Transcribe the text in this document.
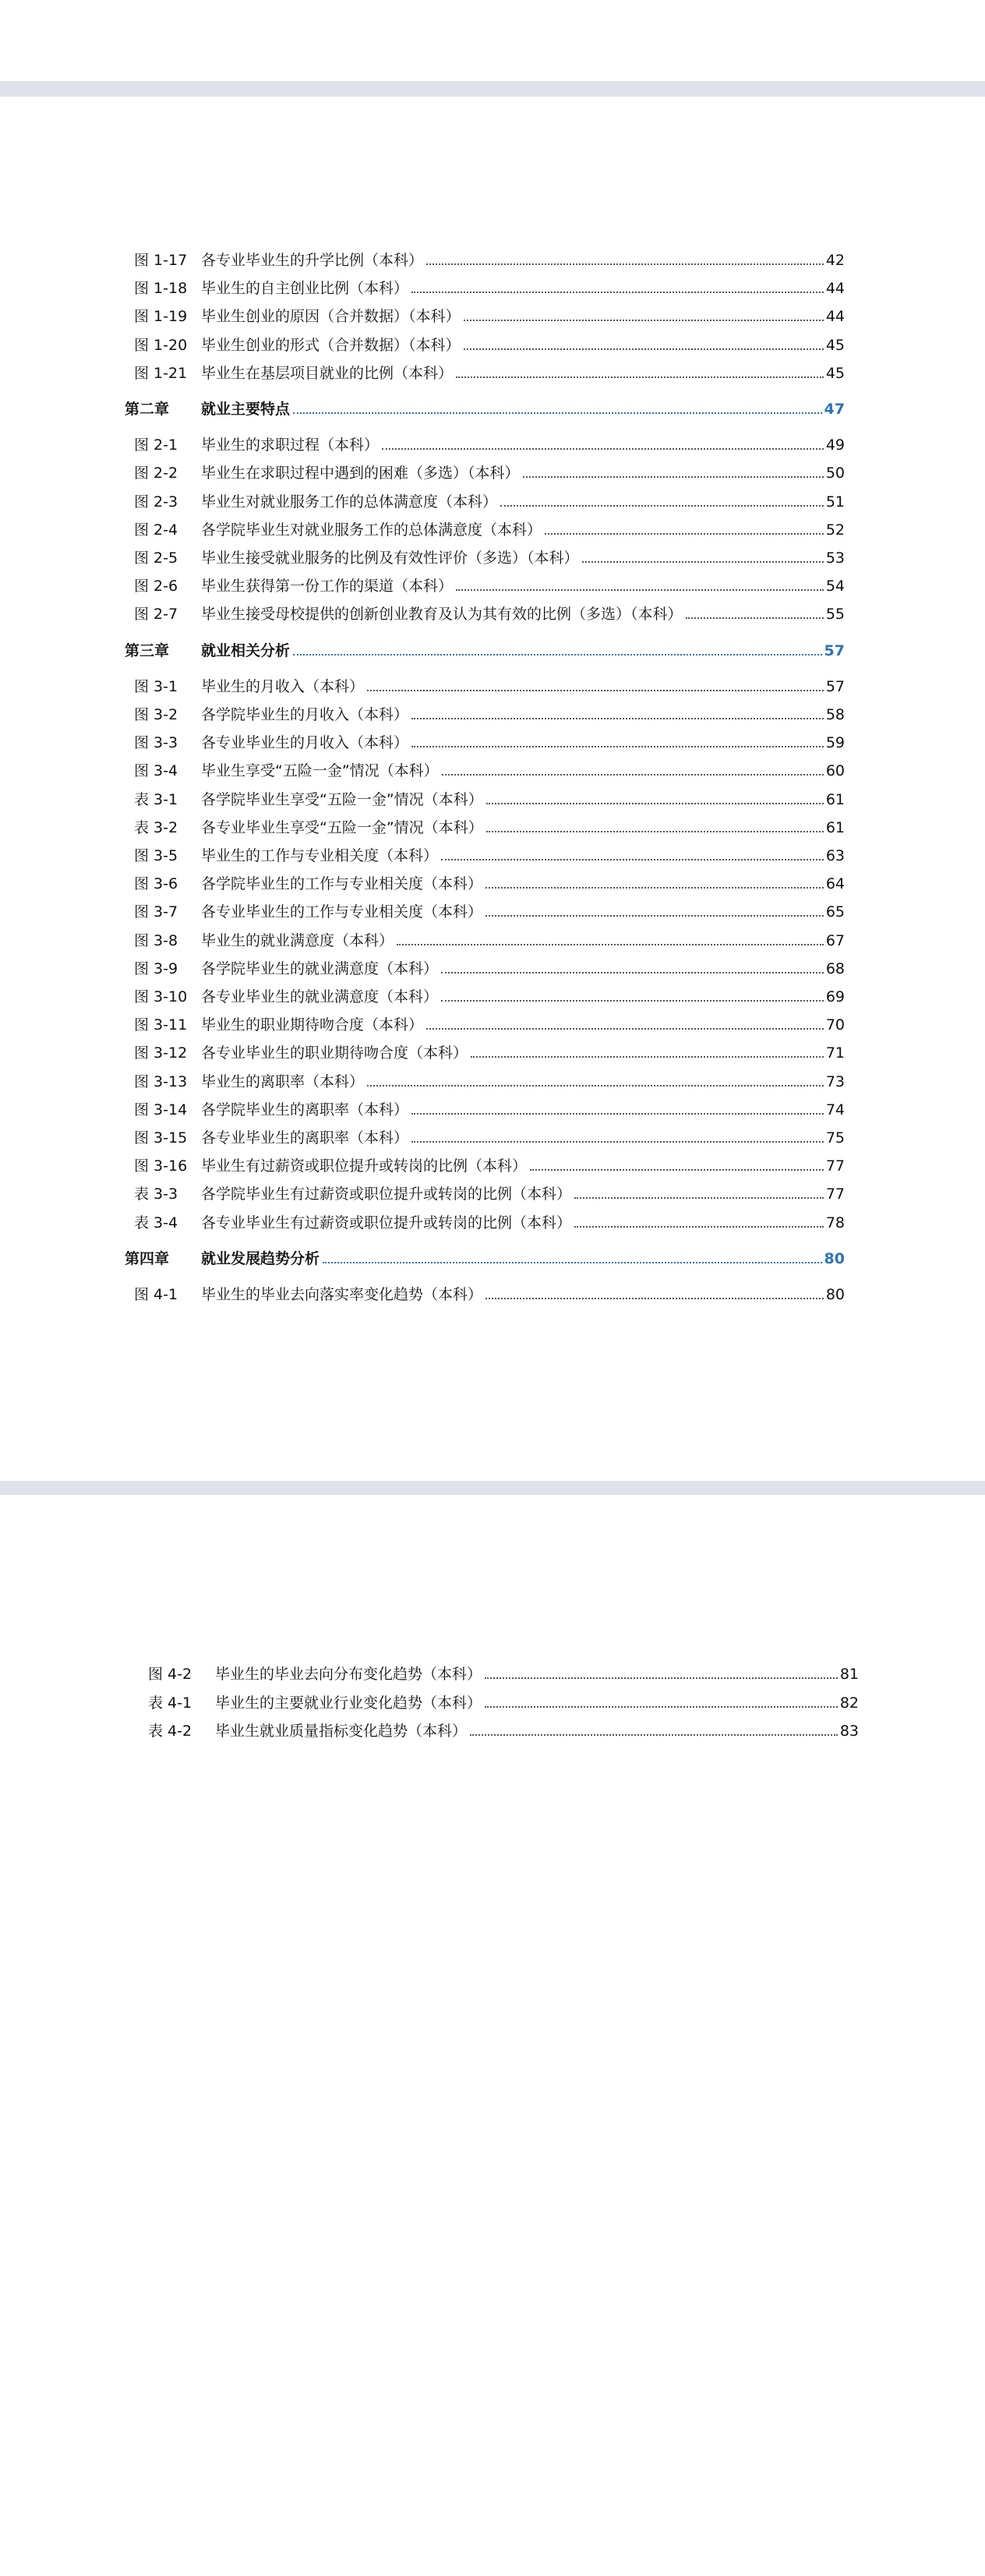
图 1-17 各专业毕业生的升学比例（本科）	42
图 1-18 毕业生的自主创业比例（本科）	44
图 1-19 毕业生创业的原因（合并数据）（本科）	44
图 1-20 毕业生创业的形式（合并数据）（本科）	45
图 1-21 毕业生在基层项目就业的比例（本科）	45
第二章	就业主要特点	47
图 2-1	毕业生的求职过程（本科）	49
图 2-2	毕业生在求职过程中遇到的困难（多选）（本科）	50
图 2-3	毕业生对就业服务工作的总体满意度（本科）	51
图 2-4	各学院毕业生对就业服务工作的总体满意度（本科）	52
图 2-5	毕业生接受就业服务的比例及有效性评价（多选）（本科）	53
图 2-6	毕业生获得第一份工作的渠道（本科）	54
图 2-7	毕业生接受母校提供的创新创业教育及认为其有效的比例（多选）（本科）	55
第三章	就业相关分析	57
图 3-1	毕业生的月收入（本科）	57
图 3-2	各学院毕业生的月收入（本科）	58
图 3-3	各专业毕业生的月收入（本科）	59
图 3-4	毕业生享受“五险一金”情况（本科）	60
表 3-1	各学院毕业生享受“五险一金”情况（本科）	61
表 3-2	各专业毕业生享受“五险一金”情况（本科）	61
图 3-5	毕业生的工作与专业相关度（本科）	63
图 3-6	各学院毕业生的工作与专业相关度（本科）	64
图 3-7	各专业毕业生的工作与专业相关度（本科）	65
图 3-8	毕业生的就业满意度（本科）	67
图 3-9	各学院毕业生的就业满意度（本科）	68
图 3-10 各专业毕业生的就业满意度（本科）	69
图 3-11 毕业生的职业期待吻合度（本科）	70
图 3-12 各专业毕业生的职业期待吻合度（本科）	71
图 3-13 毕业生的离职率（本科）	73
图 3-14 各学院毕业生的离职率（本科）	74
图 3-15 各专业毕业生的离职率（本科）	75
图 3-16 毕业生有过薪资或职位提升或转岗的比例（本科）	77
表 3-3	各学院毕业生有过薪资或职位提升或转岗的比例（本科）	77
表 3-4	各专业毕业生有过薪资或职位提升或转岗的比例（本科）	78
第四章	就业发展趋势分析	80
图 4-1	毕业生的毕业去向落实率变化趋势（本科）	80
图 4-2	毕业生的毕业去向分布变化趋势（本科）	81
表 4-1	毕业生的主要就业行业变化趋势（本科）	82
表 4-2	毕业生就业质量指标变化趋势（本科）	83
